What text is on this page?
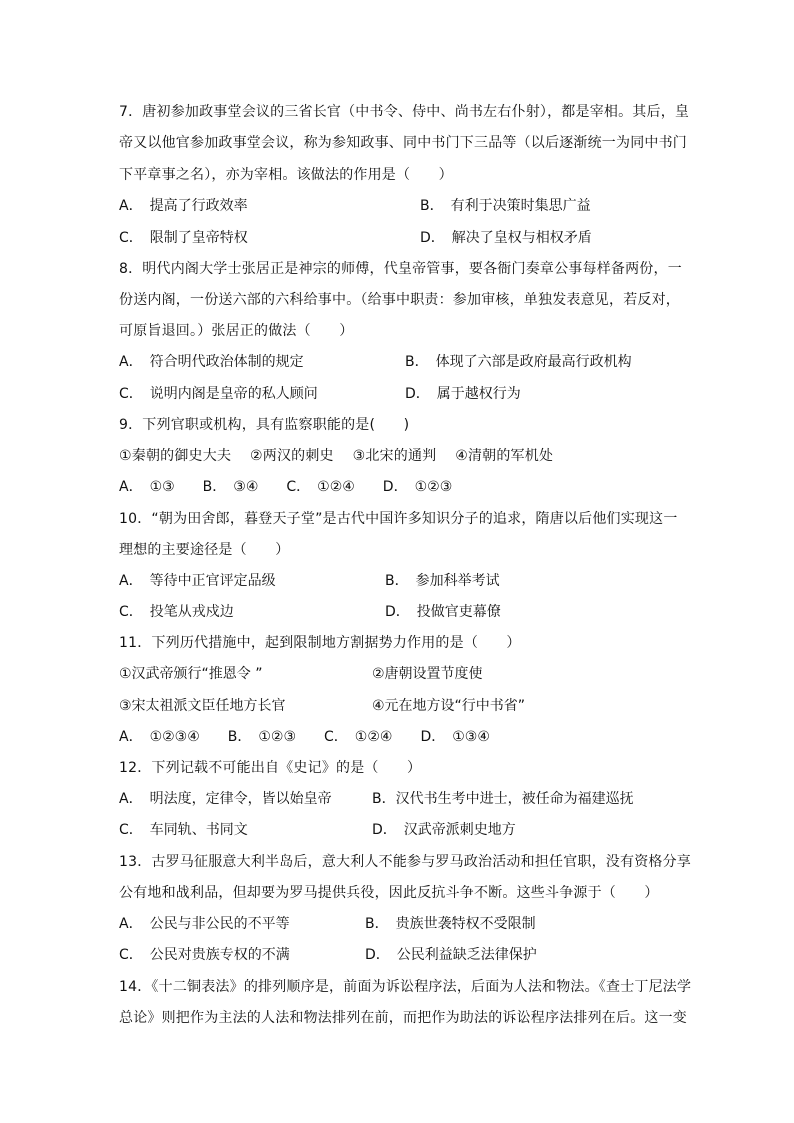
7．唐初参加政事堂会议的三省长官（中书令、侍中、尚书左右仆射），都是宰相。其后，皇
帝又以他官参加政事堂会议，称为参知政事、同中书门下三品等（以后逐渐统一为同中书门
下平章事之名），亦为宰相。该做法的作用是（　　）
A．　提高了行政效率	B．　有利于决策时集思广益
C．　限制了皇帝特权	D．　解决了皇权与相权矛盾
8．明代内阁大学士张居正是神宗的师傅，代皇帝管事，要各衙门奏章公事每样备两份，一
份送内阁，一份送六部的六科给事中。（给事中职责：参加审核，单独发表意见，若反对，
可原旨退回。）张居正的做法（　　）
A．　符合明代政治体制的规定	B．　体现了六部是政府最高行政机构
C．　说明内阁是皇帝的私人顾问	D．　属于越权行为
9．下列官职或机构，具有监察职能的是(　　)
①秦朝的御史大夫　 ②两汉的刺史　 ③北宋的通判　 ④清朝的军机处
A．　①③　　B．　③④　　C．　①②④　　D．　①②③
10．“朝为田舍郎，暮登天子堂”是古代中国许多知识分子的追求，隋唐以后他们实现这一
理想的主要途径是（　　）
A．　等待中正官评定品级	B．　参加科举考试
C．　投笔从戎戍边	D．　投做官吏幕僚
11．下列历代措施中，起到限制地方割据势力作用的是（　　）
①汉武帝颁行“推恩令 ”	②唐朝设置节度使
③宋太祖派文臣任地方长官	④元在地方设“行中书省”
A．　①②③④　　B．　①②③　　C．　①②④　　D．　①③④
12．下列记载不可能出自《史记》的是（　　）
A．　明法度，定律令，皆以始皇帝	B．汉代书生考中进士，被任命为福建巡抚
C．　车同轨、书同文	D．　汉武帝派刺史地方
13．古罗马征服意大利半岛后，意大利人不能参与罗马政治活动和担任官职，没有资格分享
公有地和战利品，但却要为罗马提供兵役，因此反抗斗争不断。这些斗争源于（　　）
A．　公民与非公民的不平等	B．　贵族世袭特权不受限制
C．　公民对贵族专权的不满	D．　公民利益缺乏法律保护
14．《十二铜表法》的排列顺序是，前面为诉讼程序法，后面为人法和物法。《查士丁尼法学
总论》则把作为主法的人法和物法排列在前，而把作为助法的诉讼程序法排列在后。这一变
